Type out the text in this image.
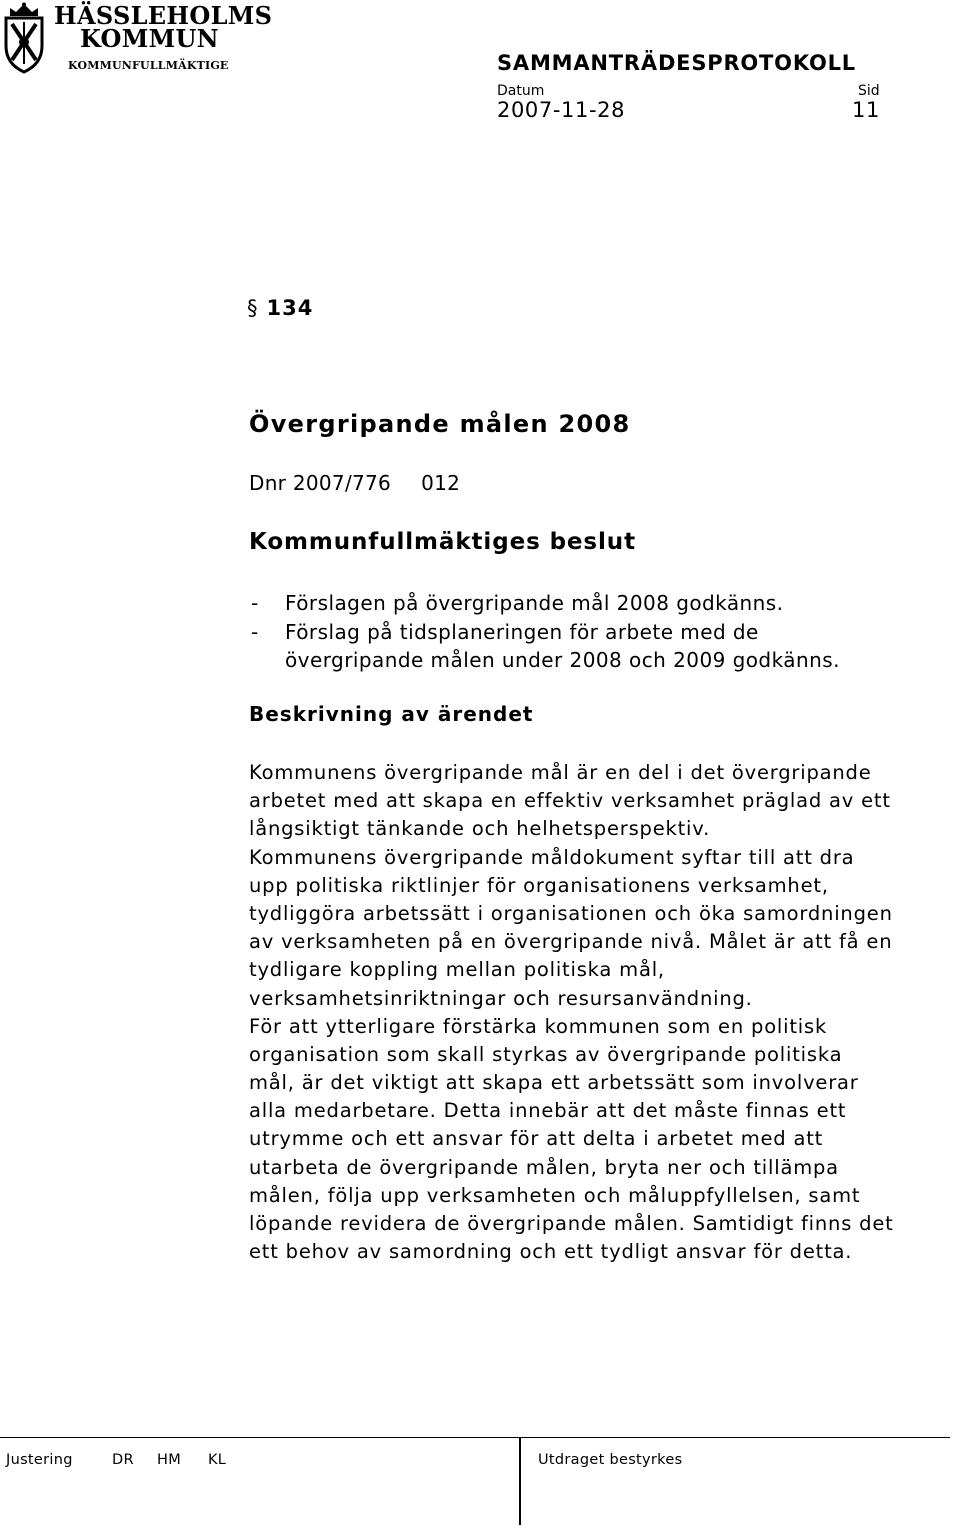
HÄSSLEHOLMS
KOMMUN
KOMMUNFULLMÄKTIGE	SAMMANTRÄDESPROTOKOLL
Datum	Sid
2007-11-28	11
§ 134
Övergripande målen 2008
Dnr 2007/776 012
Kommunfullmäktiges beslut
- Förslagen på övergripande mål 2008 godkänns.
- Förslag på tidsplaneringen för arbete med de övergripande målen under 2008 och 2009 godkänns.
Beskrivning av ärendet
Kommunens övergripande mål är en del i det övergripande
arbetet med att skapa en effektiv verksamhet präglad av ett
långsiktigt tänkande och helhetsperspektiv.
Kommunens övergripande måldokument syftar till att dra
upp politiska riktlinjer för organisationens verksamhet,
tydliggöra arbetssätt i organisationen och öka samordningen
av verksamheten på en övergripande nivå. Målet är att få en
tydligare koppling mellan politiska mål,
verksamhetsinriktningar och resursanvändning.
För att ytterligare förstärka kommunen som en politisk
organisation som skall styrkas av övergripande politiska
mål, är det viktigt att skapa ett arbetssätt som involverar
alla medarbetare. Detta innebär att det måste finnas ett
utrymme och ett ansvar för att delta i arbetet med att
utarbeta de övergripande målen, bryta ner och tillämpa
målen, följa upp verksamheten och måluppfyllelsen, samt
löpande revidera de övergripande målen. Samtidigt finns det
ett behov av samordning och ett tydligt ansvar för detta.
Justering	DR HM KL	Utdraget bestyrkes
